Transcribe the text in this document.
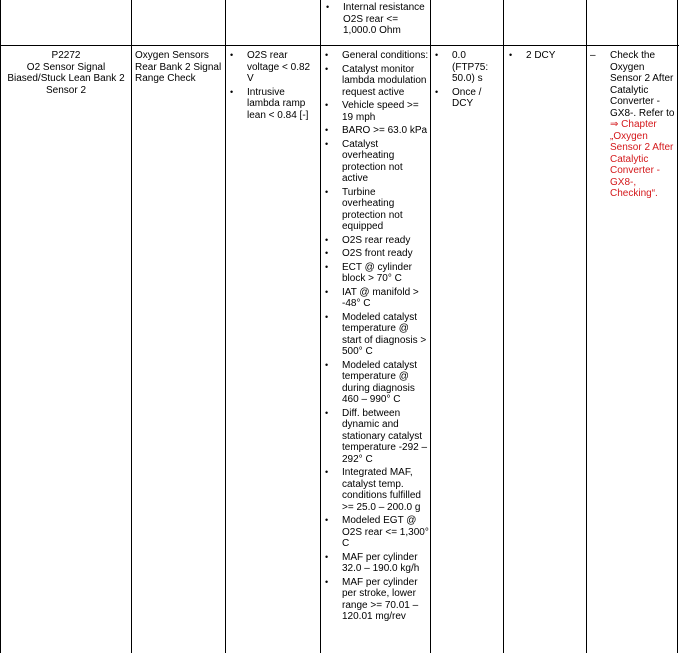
• Internal resistance O2S rear <= 1,000.0 Ohm
P2272
O2 Sensor Signal Biased/Stuck Lean Bank 2 Sensor 2
Oxygen Sensors Rear Bank 2 Signal Range Check
• O2S rear voltage < 0.82 V
• Intrusive lambda ramp lean < 0.84 [-]
• General conditions:
• Catalyst monitor lambda modulation request active
• Vehicle speed >= 19 mph
• BARO >= 63.0 kPa
• Catalyst overheating protection not active
• Turbine overheating protection not equipped
• O2S rear ready
• O2S front ready
• ECT @ cylinder block > 70° C
• IAT @ manifold > -48° C
• Modeled catalyst temperature @ start of diagnosis > 500° C
• Modeled catalyst temperature @ during diagnosis 460 – 990° C
• Diff. between dynamic and stationary catalyst temperature -292 – 292° C
• Integrated MAF, catalyst temp. conditions fulfilled >= 25.0 – 200.0 g
• Modeled EGT @ O2S rear <= 1,300° C
• MAF per cylinder 32.0 – 190.0 kg/h
• MAF per cylinder per stroke, lower range >= 70.01 – 120.01 mg/rev
• 0.0 (FTP75: 50.0) s
• Once / DCY
• 2 DCY	– Check the Oxygen Sensor 2 After Catalytic Converter - GX8-. Refer to ⇒ Chapter „Oxygen Sensor 2 After Catalytic Converter - GX8-, Checking“.
